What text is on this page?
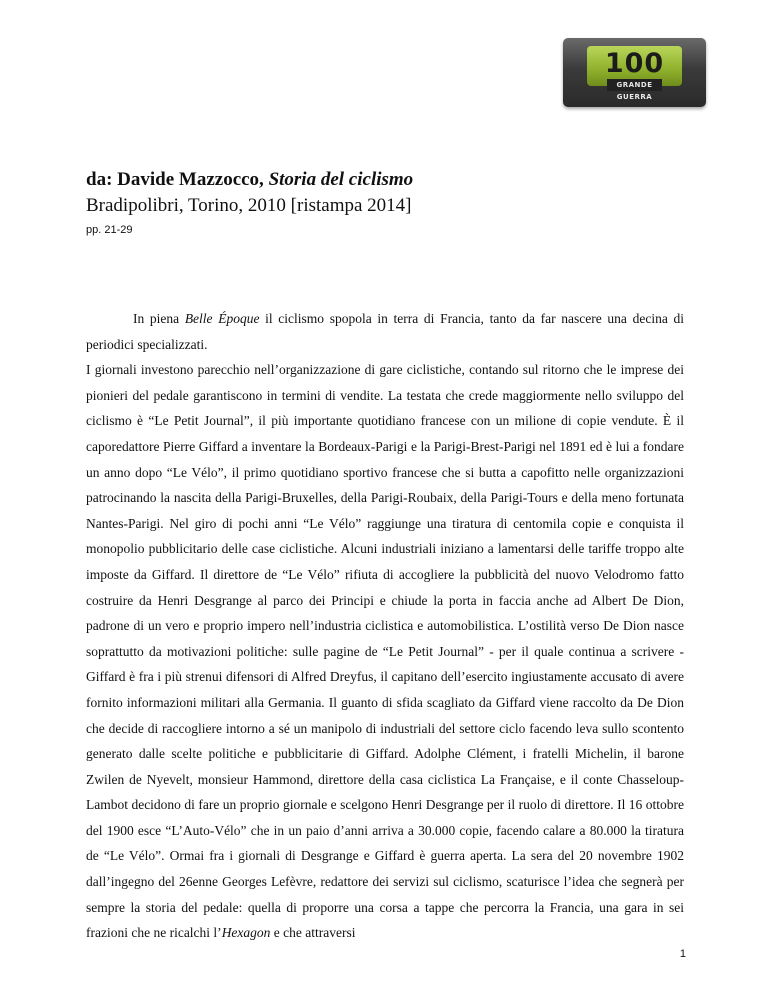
100
GRANDE GUERRA

da: Davide Mazzocco, Storia del ciclismo

Bradipolibri, Torino, 2010 [ristampa 2014]

pp. 21-29

In piena Belle Époque il ciclismo spopola in terra di Francia, tanto da far nascere una decina di periodici specializzati.

I giornali investono parecchio nell’organizzazione di gare ciclistiche, contando sul ritorno che le imprese dei pionieri del pedale garantiscono in termini di vendite. La testata che crede maggiormente nello sviluppo del ciclismo è “Le Petit Journal”, il più importante quotidiano francese con un milione di copie vendute. È il caporedattore Pierre Giffard a inventare la Bordeaux-Parigi e la Parigi-Brest-Parigi nel 1891 ed è lui a fondare un anno dopo “Le Vélo”, il primo quotidiano sportivo francese che si butta a capofitto nelle organizzazioni patrocinando la nascita della Parigi-Bruxelles, della Parigi-Roubaix, della Parigi-Tours e della meno fortunata Nantes-Parigi. Nel giro di pochi anni “Le Vélo” raggiunge una tiratura di centomila copie e conquista il monopolio pubblicitario delle case ciclistiche. Alcuni industriali iniziano a lamentarsi delle tariffe troppo alte imposte da Giffard. Il direttore de “Le Vélo” rifiuta di accogliere la pubblicità del nuovo Velodromo fatto costruire da Henri Desgrange al parco dei Principi e chiude la porta in faccia anche ad Albert De Dion, padrone di un vero e proprio impero nell’industria ciclistica e automobilistica. L’ostilità verso De Dion nasce soprattutto da motivazioni politiche: sulle pagine de “Le Petit Journal” - per il quale continua a scrivere - Giffard è fra i più strenui difensori di Alfred Dreyfus, il capitano dell’esercito ingiustamente accusato di avere fornito informazioni militari alla Germania. Il guanto di sfida scagliato da Giffard viene raccolto da De Dion che decide di raccogliere intorno a sé un manipolo di industriali del settore ciclo facendo leva sullo scontento generato dalle scelte politiche e pubblicitarie di Giffard. Adolphe Clément, i fratelli Michelin, il barone Zwilen de Nyevelt, monsieur Hammond, direttore della casa ciclistica La Française, e il conte Chasseloup-Lambot decidono di fare un proprio giornale e scelgono Henri Desgrange per il ruolo di direttore. Il 16 ottobre del 1900 esce “L’Auto-Vélo” che in un paio d’anni arriva a 30.000 copie, facendo calare a 80.000 la tiratura de “Le Vélo”. Ormai fra i giornali di Desgrange e Giffard è guerra aperta. La sera del 20 novembre 1902 dall’ingegno del 26enne Georges Lefèvre, redattore dei servizi sul ciclismo, scaturisce l’idea che segnerà per sempre la storia del pedale: quella di proporre una corsa a tappe che percorra la Francia, una gara in sei frazioni che ne ricalchi l’Hexagon e che attraversi

1
